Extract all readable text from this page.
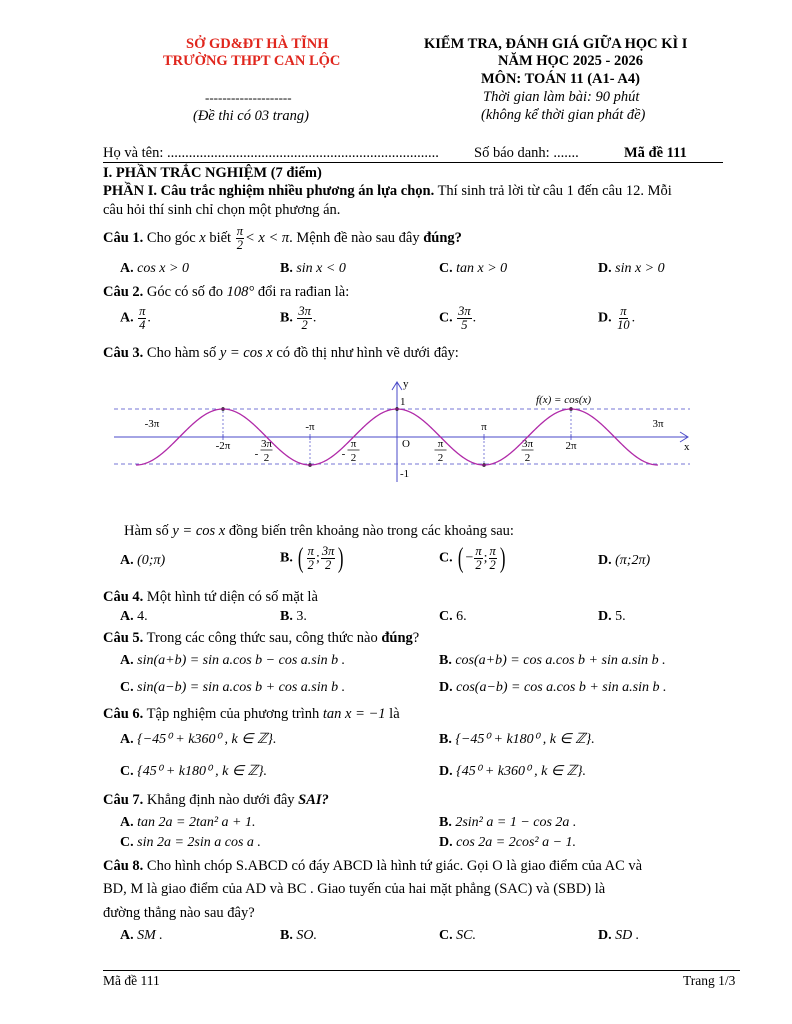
SỞ GD&ĐT HÀ TĨNH
TRƯỜNG THPT CAN LỘC
--------------------
(Đề thi có 03 trang)
KIỂM TRA, ĐÁNH GIÁ GIỮA HỌC KÌ I
NĂM HỌC 2025 - 2026
MÔN: TOÁN 11 (A1- A4)
Thời gian làm bài: 90 phút
(không kể thời gian phát đề)
Họ và tên: ........................................................................... Số báo danh: .......	Mã đề 111
I. PHẦN TRẮC NGHIỆM (7 điểm)
PHẦN I. Câu trắc nghiệm nhiều phương án lựa chọn. Thí sinh trả lời từ câu 1 đến câu 12. Mỗi
câu hỏi thí sinh chỉ chọn một phương án.
Câu 1. Cho góc x biết $\frac{\pi}{2} < x < \pi$. Mệnh đề nào sau đây đúng?
A. cos x > 0	B. sin x < 0	C. tan x > 0	D. sin x > 0
Câu 2. Góc có số đo 108° đổi ra rađian là:
A. $\frac{\pi}{4}$ .	B. $\frac{3\pi}{2}$ .	C. $\frac{3\pi}{5}$ .	D. $\frac{\pi}{10}$ .
Câu 3. Cho hàm số y = cos x có đồ thị như hình vẽ dưới đây:
-3π
-2π	3π
2
-
-π
π
2
-
O	π
2
π
3π
2
2π
3π
1
-1
y
x
f(x) = cos(x)
Hàm số y = cos x đồng biến trên khoảng nào trong các khoảng sau:
A. (0;π)	B. ( $\frac{\pi}{2}$ ; $\frac{3\pi}{2}$ )	C. ( − $\frac{\pi}{2}$ ; $\frac{\pi}{2}$ )	D. (π;2π)
Câu 4. Một hình tứ diện có số mặt là
A. 4.	B. 3.	C. 6.	D. 5.
Câu 5. Trong các công thức sau, công thức nào đúng?
A. sin(a+b) = sin a.cos b − cos a.sin b .	B. cos(a+b) = cos a.cos b + sin a.sin b .
C. sin(a−b) = sin a.cos b + cos a.sin b .	D. cos(a−b) = cos a.cos b + sin a.sin b .
Câu 6. Tập nghiệm của phương trình tan x = −1 là
A. {−45⁰ + k360⁰ , k ∈ ℤ}.	B. {−45⁰ + k180⁰ , k ∈ ℤ}.
C. {45⁰ + k180⁰ , k ∈ ℤ}.	D. {45⁰ + k360⁰ , k ∈ ℤ}.
Câu 7. Khẳng định nào dưới đây SAI?
A. tan 2a = 2tan² a + 1.	B. 2sin² a = 1 − cos 2a .
C. sin 2a = 2sin a cos a .	D. cos 2a = 2cos² a − 1.
Câu 8. Cho hình chóp S.ABCD có đáy ABCD là hình tứ giác. Gọi O là giao điểm của AC và
BD, M là giao điểm của AD và BC . Giao tuyến của hai mặt phẳng (SAC) và (SBD) là
đường thẳng nào sau đây?
A. SM .	B. SO.	C. SC.	D. SD .
Mã đề 111	Trang 1/3
